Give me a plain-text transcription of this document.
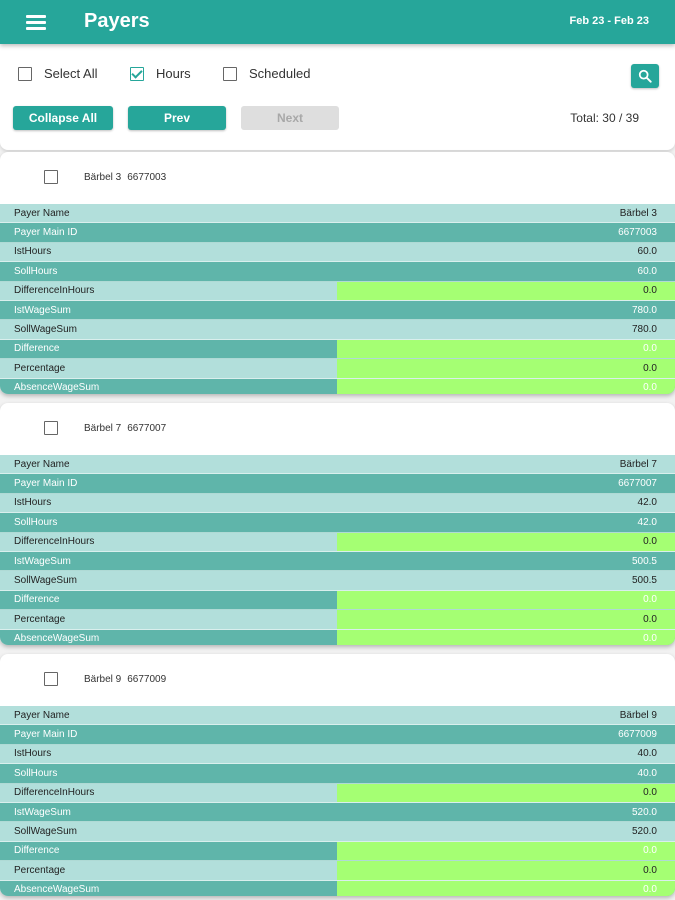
Payers	Feb 23 - Feb 23
Select All	Hours	Scheduled
Collapse All	Prev	Next	Total: 30 / 39
Bärbel 3 6677003
Payer Name	Bärbel 3
Payer Main ID	6677003
IstHours	60.0
SollHours	60.0
DifferenceInHours	0.0
IstWageSum	780.0
SollWageSum	780.0
Difference	0.0
Percentage	0.0
AbsenceWageSum	0.0
Bärbel 7 6677007
Payer Name	Bärbel 7
Payer Main ID	6677007
IstHours	42.0
SollHours	42.0
DifferenceInHours	0.0
IstWageSum	500.5
SollWageSum	500.5
Difference	0.0
Percentage	0.0
AbsenceWageSum	0.0
Bärbel 9 6677009
Payer Name	Bärbel 9
Payer Main ID	6677009
IstHours	40.0
SollHours	40.0
DifferenceInHours	0.0
IstWageSum	520.0
SollWageSum	520.0
Difference	0.0
Percentage	0.0
AbsenceWageSum	0.0
